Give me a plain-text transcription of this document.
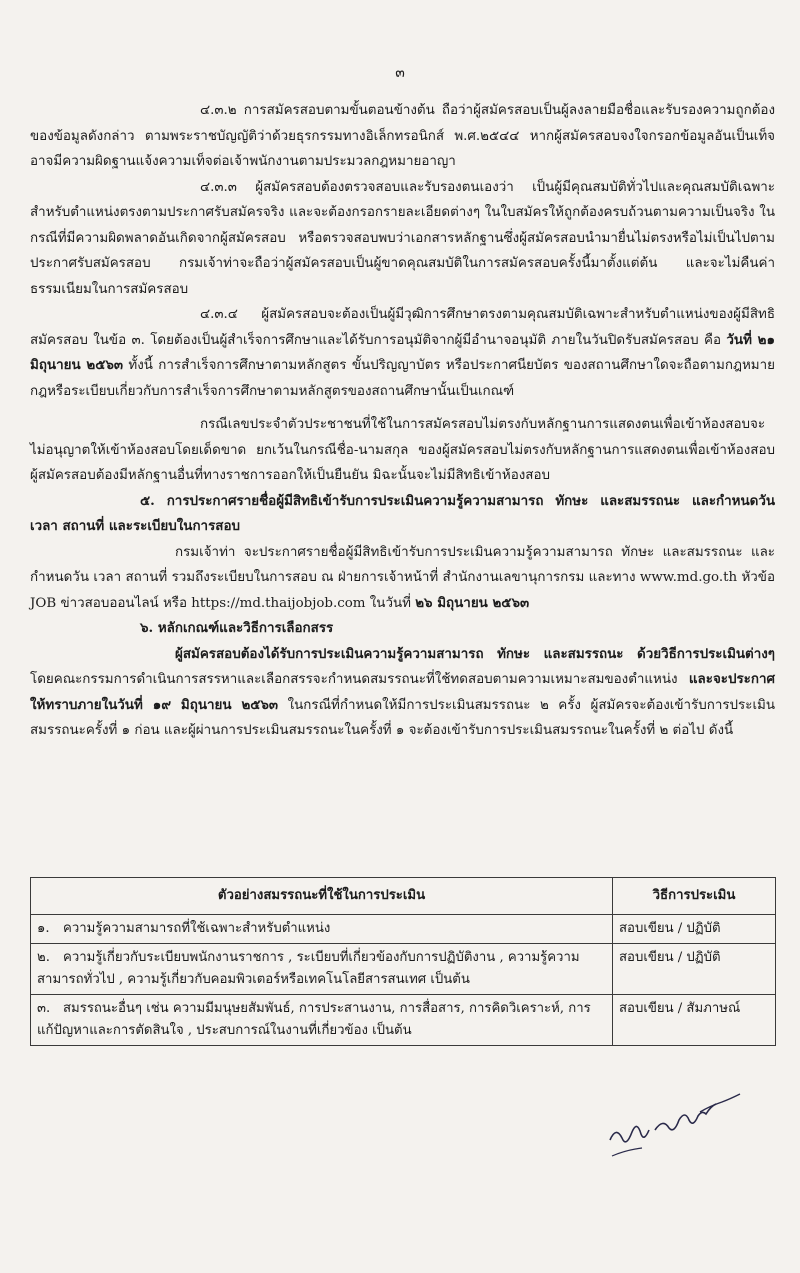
๓

๔.๓.๒ การสมัครสอบตามขั้นตอนข้างต้น ถือว่าผู้สมัครสอบเป็นผู้ลงลายมือชื่อและรับรองความถูกต้องของข้อมูลดังกล่าว ตามพระราชบัญญัติว่าด้วยธุรกรรมทางอิเล็กทรอนิกส์ พ.ศ.๒๕๔๔ หากผู้สมัครสอบจงใจกรอกข้อมูลอันเป็นเท็จ อาจมีความผิดฐานแจ้งความเท็จต่อเจ้าพนักงานตามประมวลกฎหมายอาญา

๔.๓.๓ ผู้สมัครสอบต้องตรวจสอบและรับรองตนเองว่า เป็นผู้มีคุณสมบัติทั่วไปและคุณสมบัติเฉพาะสำหรับตำแหน่งตรงตามประกาศรับสมัครจริง และจะต้องกรอกรายละเอียดต่างๆ ในใบสมัครให้ถูกต้องครบถ้วนตามความเป็นจริง ในกรณีที่มีความผิดพลาดอันเกิดจากผู้สมัครสอบ หรือตรวจสอบพบว่าเอกสารหลักฐานซึ่งผู้สมัครสอบนำมายื่นไม่ตรงหรือไม่เป็นไปตามประกาศรับสมัครสอบ กรมเจ้าท่าจะถือว่าผู้สมัครสอบเป็นผู้ขาดคุณสมบัติในการสมัครสอบครั้งนี้มาตั้งแต่ต้น และจะไม่คืนค่าธรรมเนียมในการสมัครสอบ

๔.๓.๔ ผู้สมัครสอบจะต้องเป็นผู้มีวุฒิการศึกษาตรงตามคุณสมบัติเฉพาะสำหรับตำแหน่งของผู้มีสิทธิสมัครสอบ ในข้อ ๓. โดยต้องเป็นผู้สำเร็จการศึกษาและได้รับการอนุมัติจากผู้มีอำนาจอนุมัติ ภายในวันปิดรับสมัครสอบ คือ วันที่ ๒๑ มิถุนายน ๒๕๖๓ ทั้งนี้ การสำเร็จการศึกษาตามหลักสูตร ขั้นปริญญาบัตร หรือประกาศนียบัตร ของสถานศึกษาใดจะถือตามกฎหมาย กฎหรือระเบียบเกี่ยวกับการสำเร็จการศึกษาตามหลักสูตรของสถานศึกษานั้นเป็นเกณฑ์

กรณีเลขประจำตัวประชาชนที่ใช้ในการสมัครสอบไม่ตรงกับหลักฐานการแสดงตนเพื่อเข้าห้องสอบจะไม่อนุญาตให้เข้าห้องสอบโดยเด็ดขาด ยกเว้นในกรณีชื่อ-นามสกุล ของผู้สมัครสอบไม่ตรงกับหลักฐานการแสดงตนเพื่อเข้าห้องสอบ ผู้สมัครสอบต้องมีหลักฐานอื่นที่ทางราชการออกให้เป็นยืนยัน มิฉะนั้นจะไม่มีสิทธิเข้าห้องสอบ

๕. การประกาศรายชื่อผู้มีสิทธิเข้ารับการประเมินความรู้ความสามารถ ทักษะ และสมรรถนะ และกำหนดวัน เวลา สถานที่ และระเบียบในการสอบ

กรมเจ้าท่า จะประกาศรายชื่อผู้มีสิทธิเข้ารับการประเมินความรู้ความสามารถ ทักษะ และสมรรถนะ และ กำหนดวัน เวลา สถานที่ รวมถึงระเบียบในการสอบ ณ ฝ่ายการเจ้าหน้าที่ สำนักงานเลขานุการกรม และทาง www.md.go.th หัวข้อ JOB ข่าวสอบออนไลน์ หรือ https://md.thaijobjob.com ในวันที่ ๒๖ มิถุนายน ๒๕๖๓

๖. หลักเกณฑ์และวิธีการเลือกสรร

ผู้สมัครสอบต้องได้รับการประเมินความรู้ความสามารถ ทักษะ และสมรรถนะ ด้วยวิธีการประเมินต่างๆ โดยคณะกรรมการดำเนินการสรรหาและเลือกสรรจะกำหนดสมรรถนะที่ใช้ทดสอบตามความเหมาะสมของตำแหน่ง และจะประกาศให้ทราบภายในวันที่ ๑๙ มิถุนายน ๒๕๖๓ ในกรณีที่กำหนดให้มีการประเมินสมรรถนะ ๒ ครั้ง ผู้สมัครจะต้องเข้ารับการประเมินสมรรถนะครั้งที่ ๑ ก่อน และผู้ผ่านการประเมินสมรรถนะในครั้งที่ ๑ จะต้องเข้ารับการประเมินสมรรถนะในครั้งที่ ๒ ต่อไป ดังนี้

ตัวอย่างสมรรถนะที่ใช้ในการประเมิน	วิธีการประเมิน
๑. ความรู้ความสามารถที่ใช้เฉพาะสำหรับตำแหน่ง	สอบเขียน / ปฏิบัติ
๒. ความรู้เกี่ยวกับระเบียบพนักงานราชการ , ระเบียบที่เกี่ยวข้องกับการปฏิบัติงาน , ความรู้ความสามารถทั่วไป , ความรู้เกี่ยวกับคอมพิวเตอร์หรือเทคโนโลยีสารสนเทศ เป็นต้น	สอบเขียน / ปฏิบัติ
๓. สมรรถนะอื่นๆ เช่น ความมีมนุษยสัมพันธ์, การประสานงาน, การสื่อสาร, การคิดวิเคราะห์, การแก้ปัญหาและการตัดสินใจ , ประสบการณ์ในงานที่เกี่ยวข้อง เป็นต้น	สอบเขียน / สัมภาษณ์
